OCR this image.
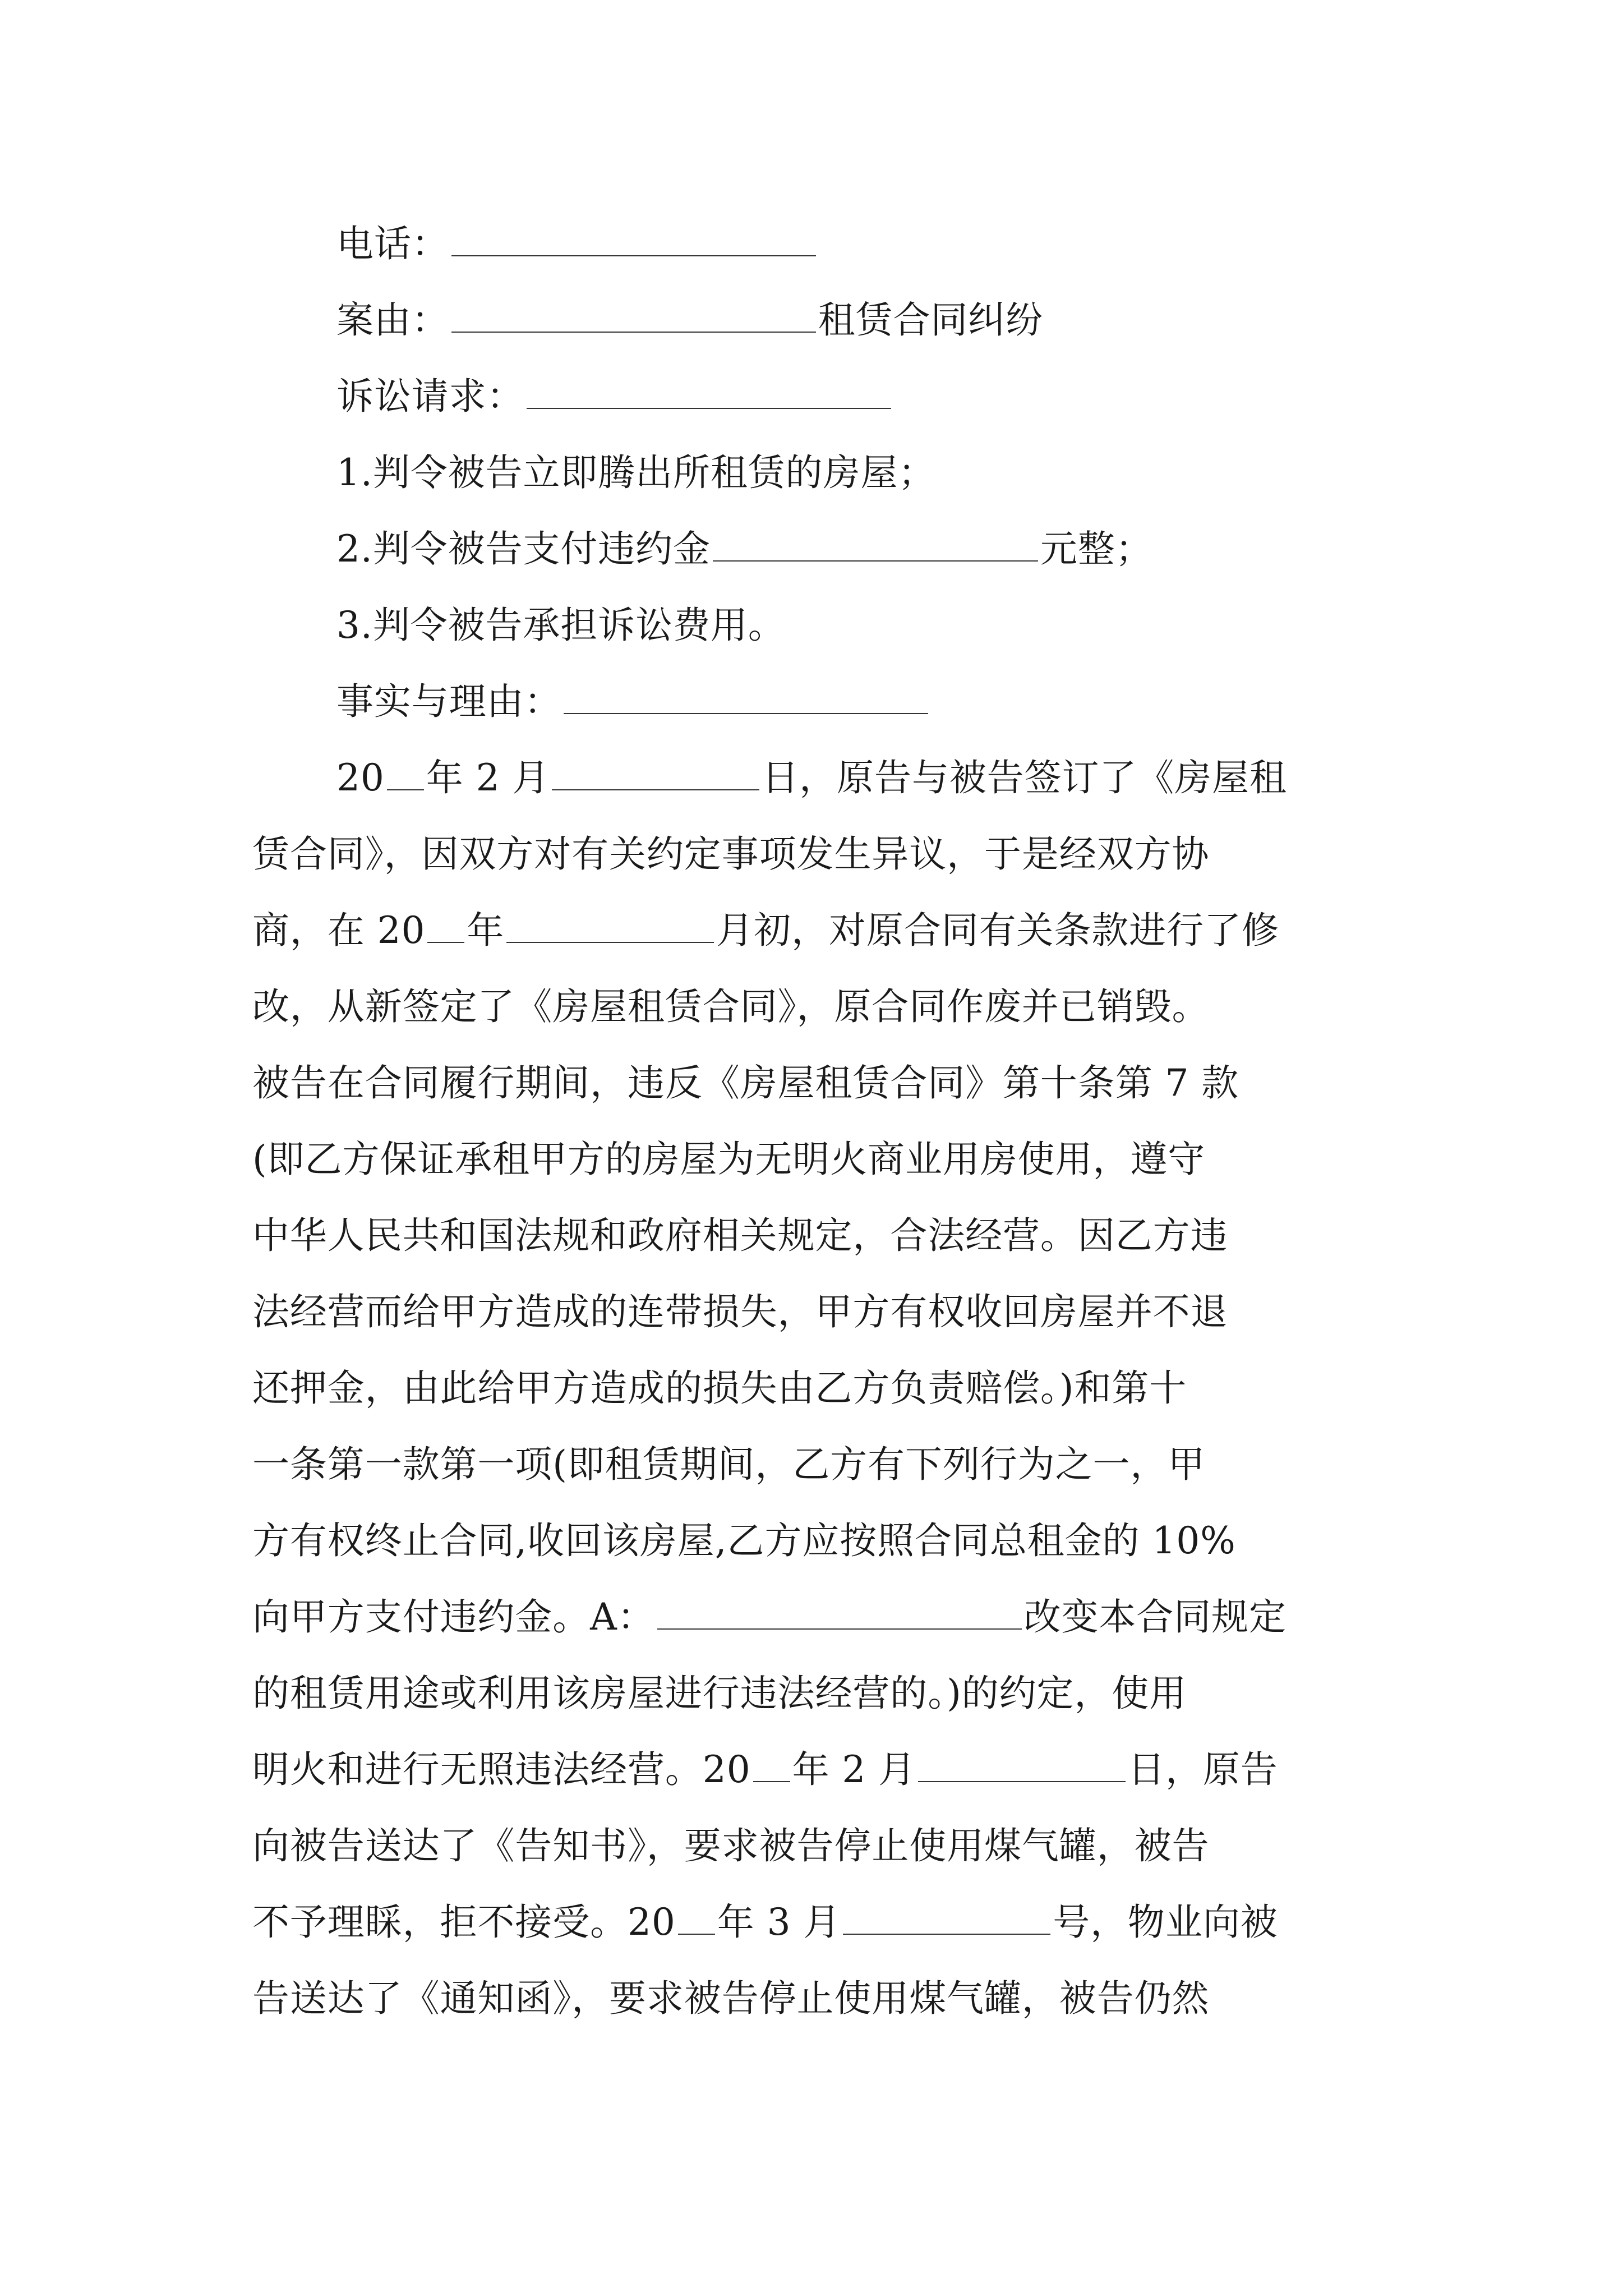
电话：
案由：	租赁合同纠纷
诉讼请求：
1.判令被告立即腾出所租赁的房屋；
2.判令被告支付违约金	元整；
3.判令被告承担诉讼费用。
事实与理由：
20 年 2 月	日，原告与被告签订了《房屋租
赁合同》，因双方对有关约定事项发生异议，于是经双方协
商，在 20 年	月初，对原合同有关条款进行了修
改，从新签定了《房屋租赁合同》，原合同作废并已销毁。
被告在合同履行期间，违反《房屋租赁合同》第十条第 7 款
(即乙方保证承租甲方的房屋为无明火商业用房使用，遵守
中华人民共和国法规和政府相关规定，合法经营。因乙方违
法经营而给甲方造成的连带损失，甲方有权收回房屋并不退
还押金，由此给甲方造成的损失由乙方负责赔偿。)和第十
一条第一款第一项(即租赁期间，乙方有下列行为之一，甲
方有权终止合同,收回该房屋,乙方应按照合同总租金的 10%
向甲方支付违约金。A：	改变本合同规定
的租赁用途或利用该房屋进行违法经营的。)的约定，使用
明火和进行无照违法经营。20 年 2 月	日，原告
向被告送达了《告知书》，要求被告停止使用煤气罐，被告
不予理睬，拒不接受。20 年 3 月	号，物业向被
告送达了《通知函》，要求被告停止使用煤气罐，被告仍然
